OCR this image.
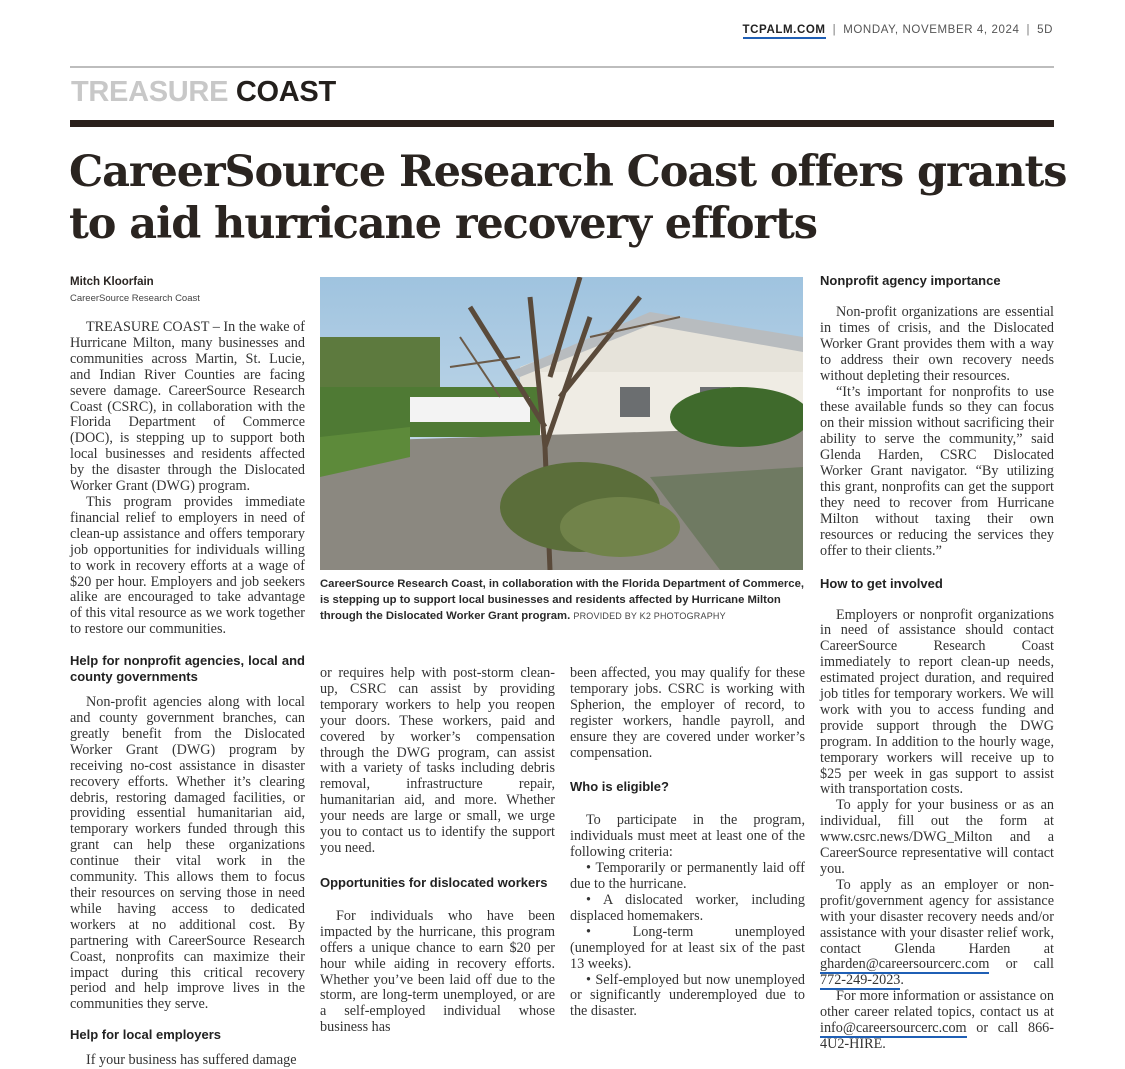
TCPALM.COM | MONDAY, NOVEMBER 4, 2024 | 5D
TREASURE COAST
CareerSource Research Coast offers grants to aid hurricane recovery efforts
Mitch Kloorfain
CareerSource Research Coast

TREASURE COAST – In the wake of Hurricane Milton, many businesses and communities across Martin, St. Lucie, and Indian River Counties are facing severe damage. CareerSource Research Coast (CSRC), in collaboration with the Florida Department of Commerce (DOC), is stepping up to support both local businesses and residents affected by the disaster through the Dislocated Worker Grant (DWG) program.

This program provides immediate financial relief to employers in need of clean-up assistance and offers temporary job opportunities for individuals willing to work in recovery efforts at a wage of $20 per hour. Employers and job seekers alike are encouraged to take advantage of this vital resource as we work together to restore our communities.

Help for nonprofit agencies, local and county governments

Non-profit agencies along with local and county government branches, can greatly benefit from the Dislocated Worker Grant (DWG) program by receiving no-cost assistance in disaster recovery efforts. Whether it’s clearing debris, restoring damaged facilities, or providing essential humanitarian aid, temporary workers funded through this grant can help these organizations continue their vital work in the community. This allows them to focus their resources on serving those in need while having access to dedicated workers at no additional cost. By partnering with CareerSource Research Coast, nonprofits can maximize their impact during this critical recovery period and help improve lives in the communities they serve.

Help for local employers

If your business has suffered damage

CareerSource Research Coast, in collaboration with the Florida Department of Commerce, is stepping up to support local businesses and residents affected by Hurricane Milton through the Dislocated Worker Grant program. PROVIDED BY K2 PHOTOGRAPHY

or requires help with post-storm clean-up, CSRC can assist by providing temporary workers to help you reopen your doors. These workers, paid and covered by worker’s compensation through the DWG program, can assist with a variety of tasks including debris removal, infrastructure repair, humanitarian aid, and more. Whether your needs are large or small, we urge you to contact us to identify the support you need.

Opportunities for dislocated workers

For individuals who have been impacted by the hurricane, this program offers a unique chance to earn $20 per hour while aiding in recovery efforts. Whether you’ve been laid off due to the storm, are long-term unemployed, or are a self-employed individual whose business has

been affected, you may qualify for these temporary jobs. CSRC is working with Spherion, the employer of record, to register workers, handle payroll, and ensure they are covered under worker’s compensation.

Who is eligible?

To participate in the program, individuals must meet at least one of the following criteria:

• Temporarily or permanently laid off due to the hurricane.

• A dislocated worker, including displaced homemakers.

• Long-term unemployed (unemployed for at least six of the past 13 weeks).

• Self-employed but now unemployed or significantly underemployed due to the disaster.

Nonprofit agency importance

Non-profit organizations are essential in times of crisis, and the Dislocated Worker Grant provides them with a way to address their own recovery needs without depleting their resources.

“It’s important for nonprofits to use these available funds so they can focus on their mission without sacrificing their ability to serve the community,” said Glenda Harden, CSRC Dislocated Worker Grant navigator. “By utilizing this grant, nonprofits can get the support they need to recover from Hurricane Milton without taxing their own resources or reducing the services they offer to their clients.”

How to get involved

Employers or nonprofit organizations in need of assistance should contact CareerSource Research Coast immediately to report clean-up needs, estimated project duration, and required job titles for temporary workers. We will work with you to access funding and provide support through the DWG program. In addition to the hourly wage, temporary workers will receive up to $25 per week in gas support to assist with transportation costs.

To apply for your business or as an individual, fill out the form at www.csrc.news/DWG_Milton and a CareerSource representative will contact you.

To apply as an employer or non-profit/government agency for assistance with your disaster recovery needs and/or assistance with your disaster relief work, contact Glenda Harden at gharden@careersourcerc.com or call 772-249-2023.

For more information or assistance on other career related topics, contact us at info@careersourcerc.com or call 866-4U2-HIRE.
